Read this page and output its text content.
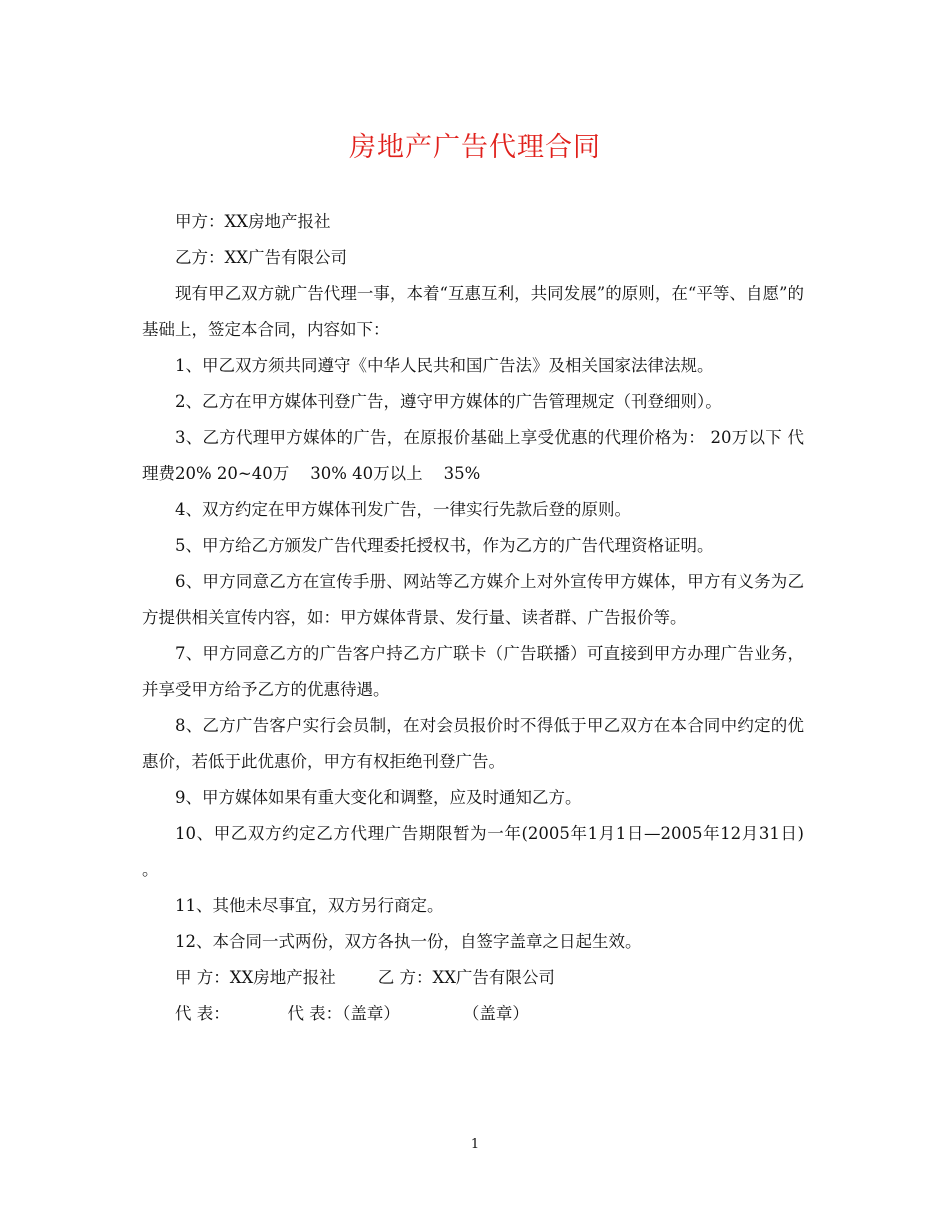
房地产广告代理合同

甲方：XX房地产报社

乙方：XX广告有限公司

现有甲乙双方就广告代理一事，本着“互惠互利，共同发展”的原则，在“平等、自愿”的基础上，签定本合同，内容如下：

1、甲乙双方须共同遵守《中华人民共和国广告法》及相关国家法律法规。

2、乙方在甲方媒体刊登广告，遵守甲方媒体的广告管理规定（刊登细则）。

3、乙方代理甲方媒体的广告，在原报价基础上享受优惠的代理价格为： 20万以下 代理费20% 20~40万    30% 40万以上    35%

4、双方约定在甲方媒体刊发广告，一律实行先款后登的原则。

5、甲方给乙方颁发广告代理委托授权书，作为乙方的广告代理资格证明。

6、甲方同意乙方在宣传手册、网站等乙方媒介上对外宣传甲方媒体，甲方有义务为乙方提供相关宣传内容，如：甲方媒体背景、发行量、读者群、广告报价等。

7、甲方同意乙方的广告客户持乙方广联卡（广告联播）可直接到甲方办理广告业务，并享受甲方给予乙方的优惠待遇。

8、乙方广告客户实行会员制，在对会员报价时不得低于甲乙双方在本合同中约定的优惠价，若低于此优惠价，甲方有权拒绝刊登广告。

9、甲方媒体如果有重大变化和调整，应及时通知乙方。

10、甲乙双方约定乙方代理广告期限暂为一年(2005年1月1日—2005年12月31日) 。

11、其他未尽事宜，双方另行商定。

12、本合同一式两份，双方各执一份，自签字盖章之日起生效。

甲 方：XX房地产报社        乙 方：XX广告有限公司

代 表：           代 表：（盖章）            （盖章）

1
